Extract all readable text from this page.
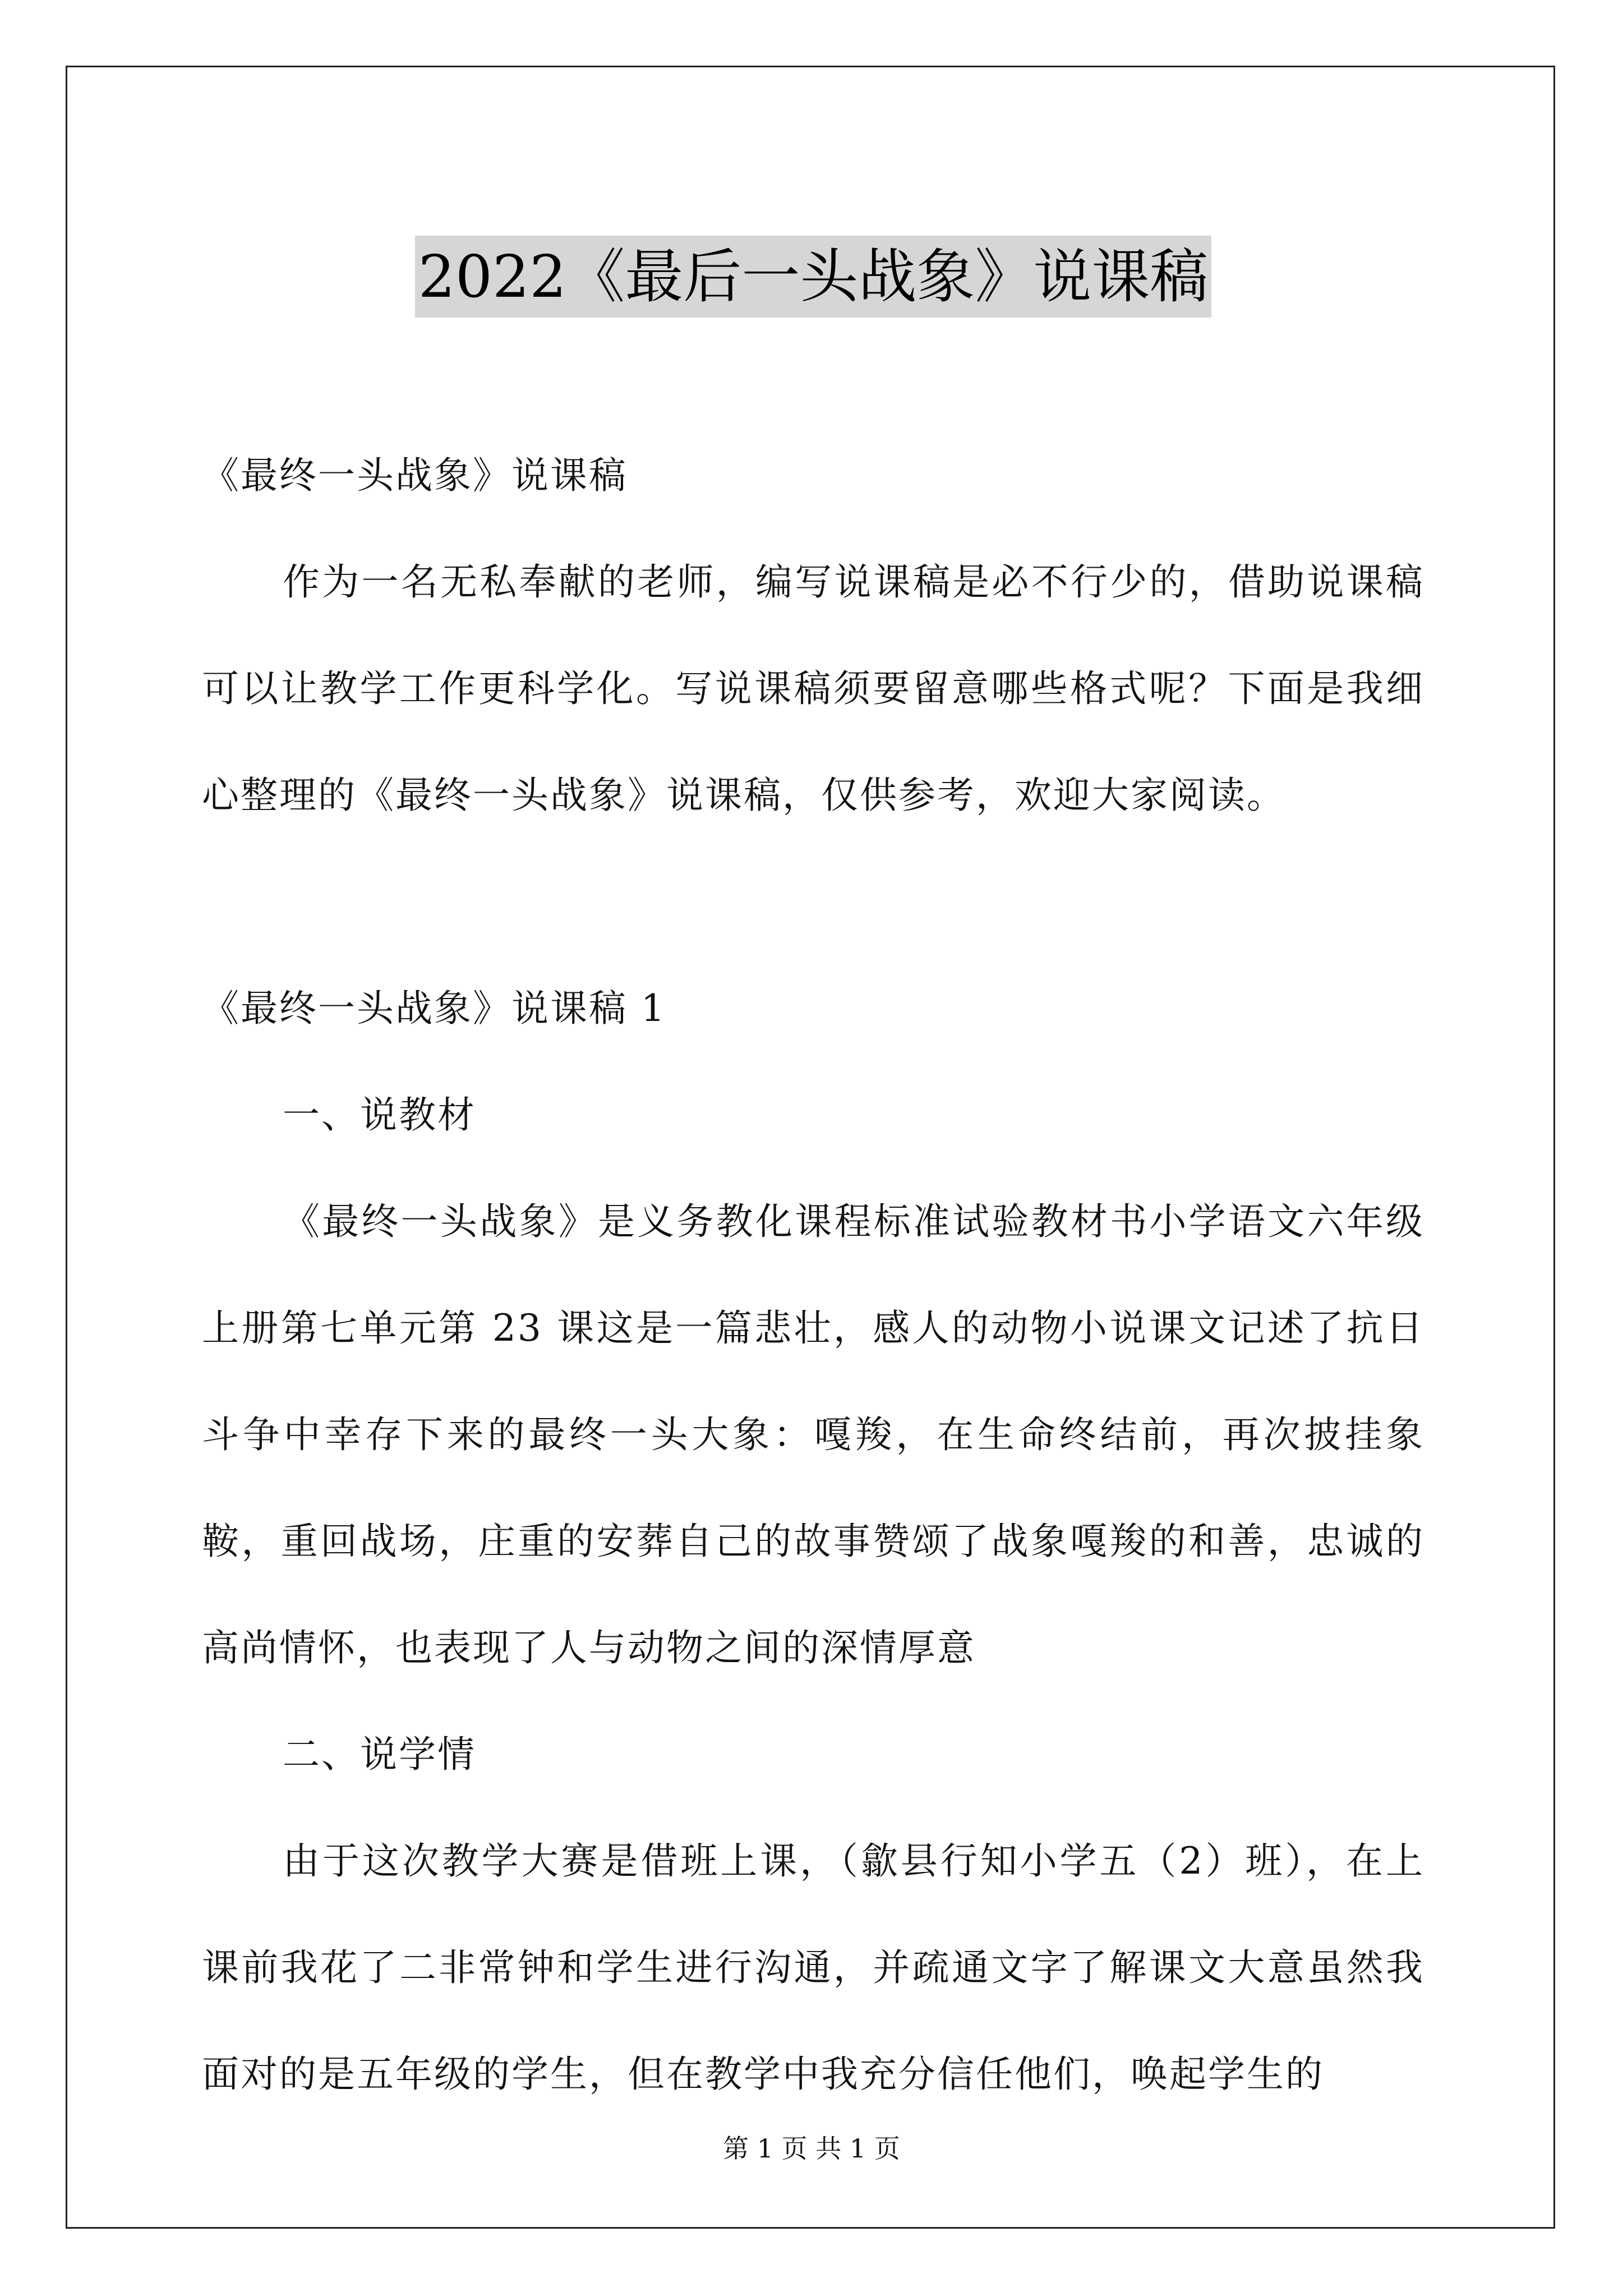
2022《最后一头战象》说课稿

《最终一头战象》说课稿

作为一名无私奉献的老师，编写说课稿是必不行少的，借助说课稿可以让教学工作更科学化。写说课稿须要留意哪些格式呢？下面是我细心整理的《最终一头战象》说课稿，仅供参考，欢迎大家阅读。

《最终一头战象》说课稿 1

一、说教材

《最终一头战象》是义务教化课程标准试验教材书小学语文六年级上册第七单元第 23 课这是一篇悲壮，感人的动物小说课文记述了抗日斗争中幸存下来的最终一头大象：嘎羧，在生命终结前，再次披挂象鞍，重回战场，庄重的安葬自己的故事赞颂了战象嘎羧的和善，忠诚的高尚情怀，也表现了人与动物之间的深情厚意

二、说学情

由于这次教学大赛是借班上课，（歙县行知小学五（2）班），在上课前我花了二非常钟和学生进行沟通，并疏通文字了解课文大意虽然我面对的是五年级的学生，但在教学中我充分信任他们，唤起学生的

第 1 页 共 1 页
